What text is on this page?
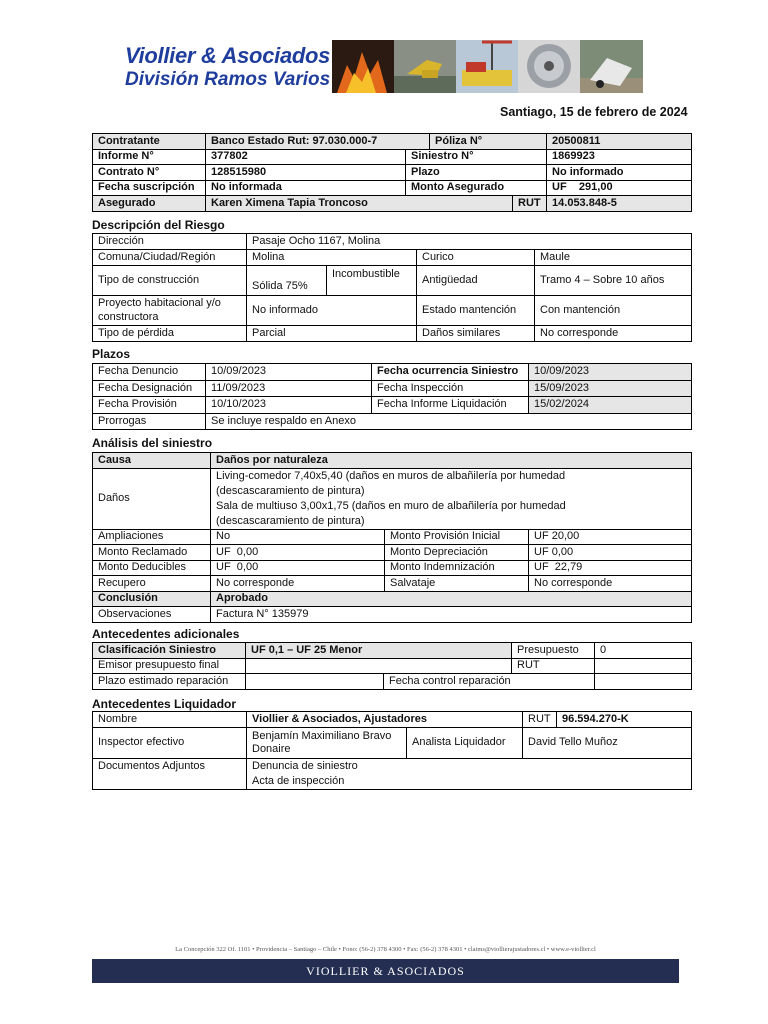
Viollier & Asociados
División Ramos Varios
Santiago, 15 de febrero de 2024
Contratante	Banco Estado Rut: 97.030.000-7		Póliza N°		20500811
Informe N°	377802	Siniestro N°			1869923
Contrato N°	128515980	Plazo			No informado
Fecha suscripción	No informada	Monto Asegurado			UF    291,00
Asegurado	Karen Ximena Tapia Troncoso			RUT	14.053.848-5
Descripción del Riesgo
Dirección	Pasaje Ocho 1167, Molina			
Comuna/Ciudad/Región	Molina		Curico	Maule
Tipo de construcción	Sólida 75%	Incombustible	Antigüedad	Tramo 4 – Sobre 10 años
Proyecto habitacional y/o constructora	No informado		Estado mantención	Con mantención
Tipo de pérdida	Parcial		Daños similares	No corresponde
Plazos
Fecha Denuncio	10/09/2023	Fecha ocurrencia Siniestro	10/09/2023
Fecha Designación	11/09/2023	Fecha Inspección	15/09/2023
Fecha Provisión	10/10/2023	Fecha Informe Liquidación	15/02/2024
Prorrogas	Se incluye respaldo en Anexo		
Análisis del siniestro
Causa	Daños por naturaleza		
Daños	Living-comedor 7,40x5,40 (daños en muros de albañilería por humedad
(descascaramiento de pintura)
Sala de multiuso 3,00x1,75 (daños en muro de albañilería por humedad
(descascaramiento de pintura)		

Ampliaciones	No	Monto Provisión Inicial	UF 20,00
Monto Reclamado	UF  0,00	Monto Depreciación	UF 0,00
Monto Deducibles	UF  0,00	Monto Indemnización	UF  22,79
Recupero	No corresponde	Salvataje	No corresponde
Conclusión	Aprobado		
Observaciones	Factura N° 135979		
Antecedentes adicionales
Clasificación Siniestro	UF 0,1 – UF 25 Menor		Presupuesto	0
Emisor presupuesto final			RUT	
Plazo estimado reparación		Fecha control reparación		
Antecedentes Liquidador
Nombre	Viollier & Asociados, Ajustadores		RUT	96.594.270-K
Inspector efectivo	Benjamín Maximiliano Bravo
Donaire	Analista Liquidador	David Tello Muñoz	
Documentos Adjuntos	Denuncia de siniestro
Acta de inspección			
La Concepción 322 Of. 1101 • Providencia – Santiago – Chile • Fono: (56-2) 378 4300 • Fax: (56-2) 378 4301 • claims@viollierajustadores.cl • www.e-viollier.cl
VIOLLIER & ASOCIADOS
